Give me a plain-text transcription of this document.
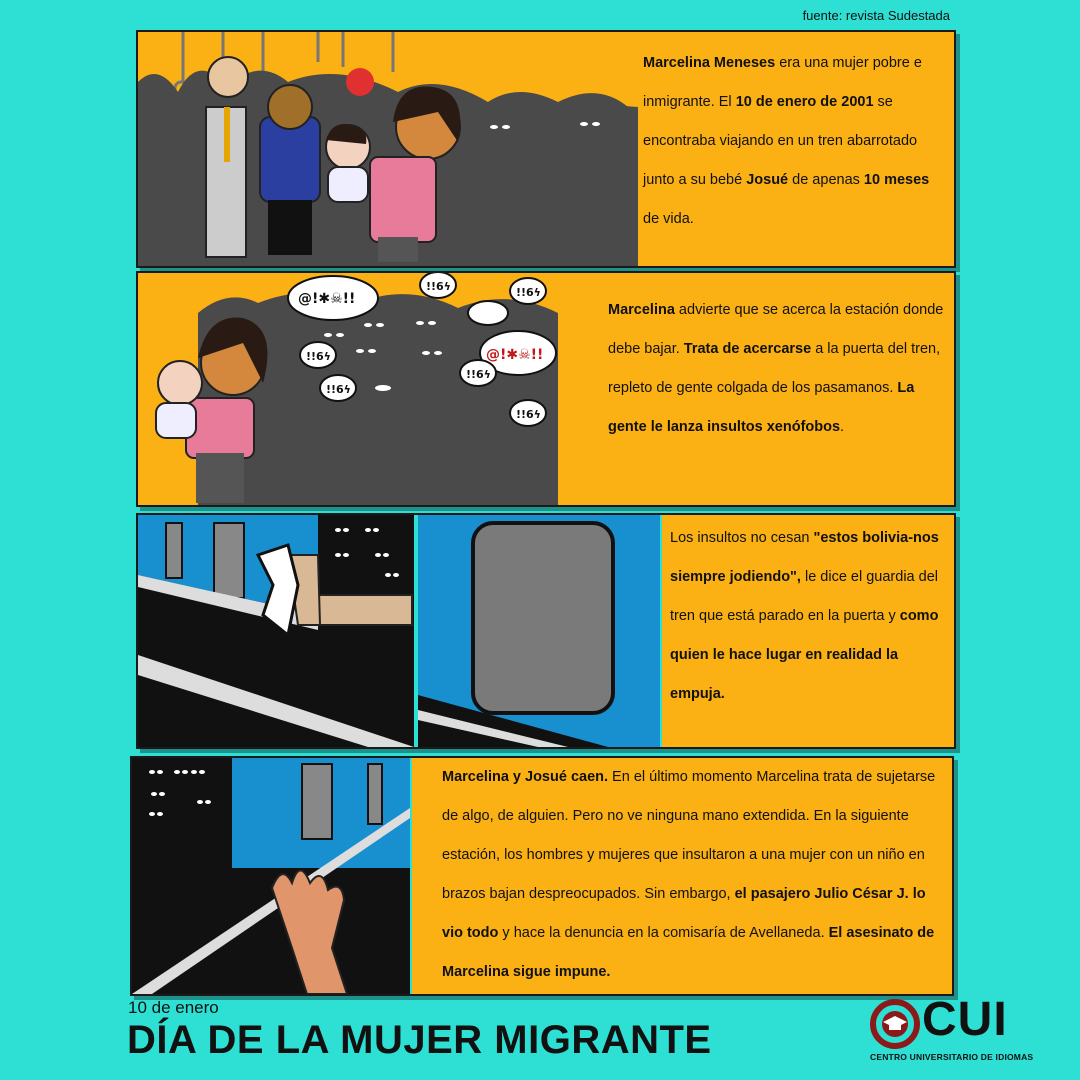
fuente: revista Sudestada
Marcelina Meneses era una mujer pobre e inmigrante. El 10 de enero de 2001 se encontraba viajando en un tren abarrotado junto a su bebé Josué de apenas 10 meses de vida.
@!✱☠!!
@!✱☠!!
!!6ϟ
!!6ϟ
!!6ϟ	!!6ϟ
!!6ϟ
!!6ϟ
Marcelina advierte que se acerca la estación donde debe bajar. Trata de acercarse a la puerta del tren, repleto de gente colgada de los pasamanos. La gente le lanza insultos xenófobos.
Los insultos no cesan "estos bolivia-nos siempre jodiendo", le dice el guardia del tren que está parado en la puerta y como quien le hace lugar en realidad la empuja.
Marcelina y Josué caen. En el último momento Marcelina trata de sujetarse de algo, de alguien. Pero no ve ninguna mano extendida. En la siguiente estación, los hombres y mujeres que insultaron a una mujer con un niño en brazos bajan despreocupados. Sin embargo, el pasajero Julio César J. lo vio todo y hace la denuncia en la comisaría de Avellaneda. El asesinato de Marcelina sigue impune.
10 de enero
DÍA DE LA MUJER MIGRANTE	CUI
CENTRO UNIVERSITARIO DE IDIOMAS
